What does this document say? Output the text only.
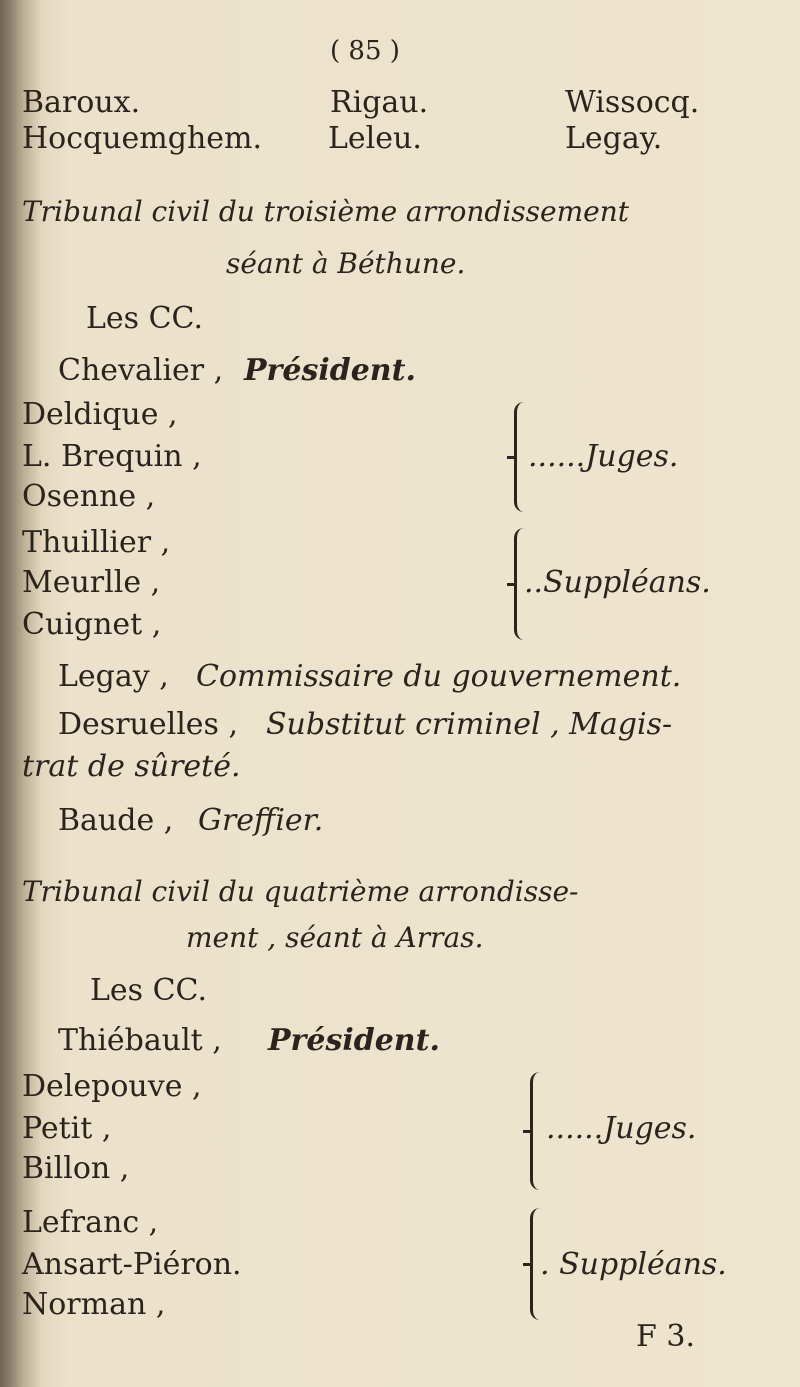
( 85 )
Baroux.	Rigau.	Wissocq.
Hocquemghem. Leleu.	Legay.
Tribunal civil du troisième arrondissement
séant à Béthune.
Les CC.
Chevalier , Président.
Deldique ,
L. Brequin ,
Osenne ,
......Juges.
Thuillier ,
Meurlle ,
Cuignet ,
..Suppléans.
Legay , Commissaire du gouvernement.
Desruelles , Substitut criminel , Magis-
trat de sûreté.
Baude , Greffier.
Tribunal civil du quatrième arrondisse-
ment , séant à Arras.
Les CC.
Thiébault , Président.
Delepouve ,
Petit ,
Billon ,
......Juges.
Lefranc ,
Ansart-Piéron.
Norman ,
. Suppléans.
F 3.
